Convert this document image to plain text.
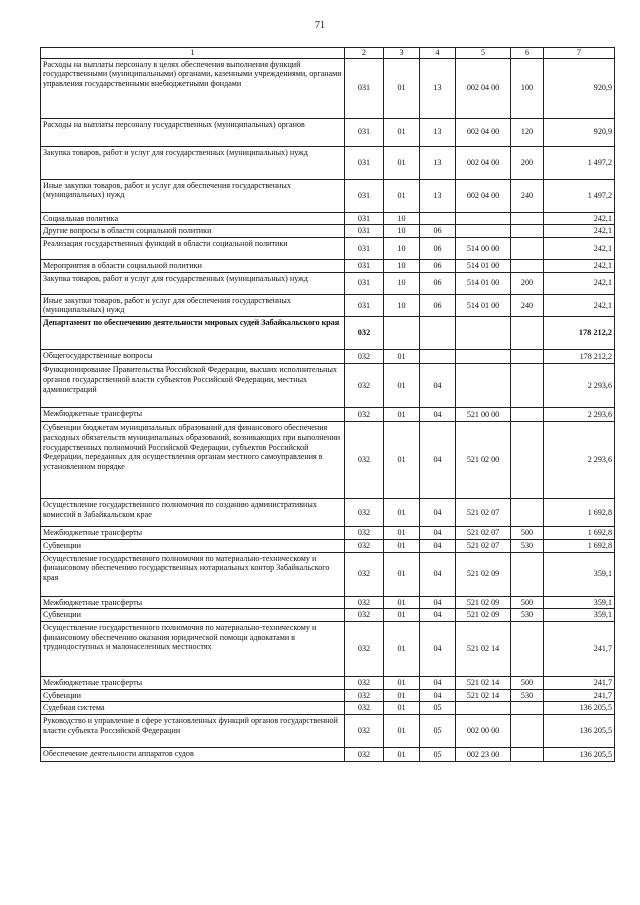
71
1	2	3	4	5	6	7
Расходы на выплаты персоналу в целях обеспечения выполнения функций государственными (муниципальными) органами, казенными учреждениями, органами управления государственными внебюджетными фондами	031	01	13	002 04 00	100	920,9
Расходы на выплаты персоналу государственных (муниципальных) органов	031	01	13	002 04 00	120	920,9
Закупка товаров, работ и услуг для государственных (муниципальных) нужд	031	01	13	002 04 00	200	1 497,2
Иные закупки товаров, работ и услуг для обеспечения государственных (муниципальных) нужд	031	01	13	002 04 00	240	1 497,2
Социальная политика	031	10				242,1
Другие вопросы в области социальной политики	031	10	06			242,1
Реализация государственных функций в области социальной политики	031	10	06	514 00 00		242,1
Мероприятия в области социальной политики	031	10	06	514 01 00		242,1
Закупка товаров, работ и услуг для государственных (муниципальных) нужд	031	10	06	514 01 00	200	242,1
Иные закупки товаров, работ и услуг для обеспечения государственных (муниципальных) нужд	031	10	06	514 01 00	240	242,1
Департамент по обеспечению деятельности мировых судей Забайкальского края	032					178 212,2
Общегосударственные вопросы	032	01				178 212,2
Функционирование Правительства Российской Федерации, высших исполнительных органов государственной власти субъектов Российской Федерации, местных администраций	032	01	04			2 293,6
Межбюджетные трансферты	032	01	04	521 00 00		2 293,6
Субвенции бюджетам муниципальных образований для финансового обеспечения расходных обязательств муниципальных образований, возникающих при выполнении государственных полномочий Российской Федерации, субъектов Российской Федерации, переданных для осуществления органам местного самоуправления в установленном порядке	032	01	04	521 02 00		2 293,6
Осуществление государственного полномочия по созданию административных комиссий в Забайкальском крае	032	01	04	521 02 07		1 692,8
Межбюджетные трансферты	032	01	04	521 02 07	500	1 692,8
Субвенции	032	01	04	521 02 07	530	1 692,8
Осуществление государственного полномочия по материально-техническому и финансовому обеспечению государственных нотариальных контор Забайкальского края	032	01	04	521 02 09		359,1
Межбюджетные трансферты	032	01	04	521 02 09	500	359,1
Субвенции	032	01	04	521 02 09	530	359,1
Осуществление государственного полномочия по материально-техническому и финансовому обеспечению оказания юридической помощи адвокатами в труднодоступных и малонаселенных местностях	032	01	04	521 02 14		241,7
Межбюджетные трансферты	032	01	04	521 02 14	500	241,7
Субвенции	032	01	04	521 02 14	530	241,7
Судебная система	032	01	05			136 205,5
Руководство и управление в сфере установленных функций органов государственной власти субъекта Российской Федерации	032	01	05	002 00 00		136 205,5
Обеспечение деятельности аппаратов судов	032	01	05	002 23 00		136 205,5
